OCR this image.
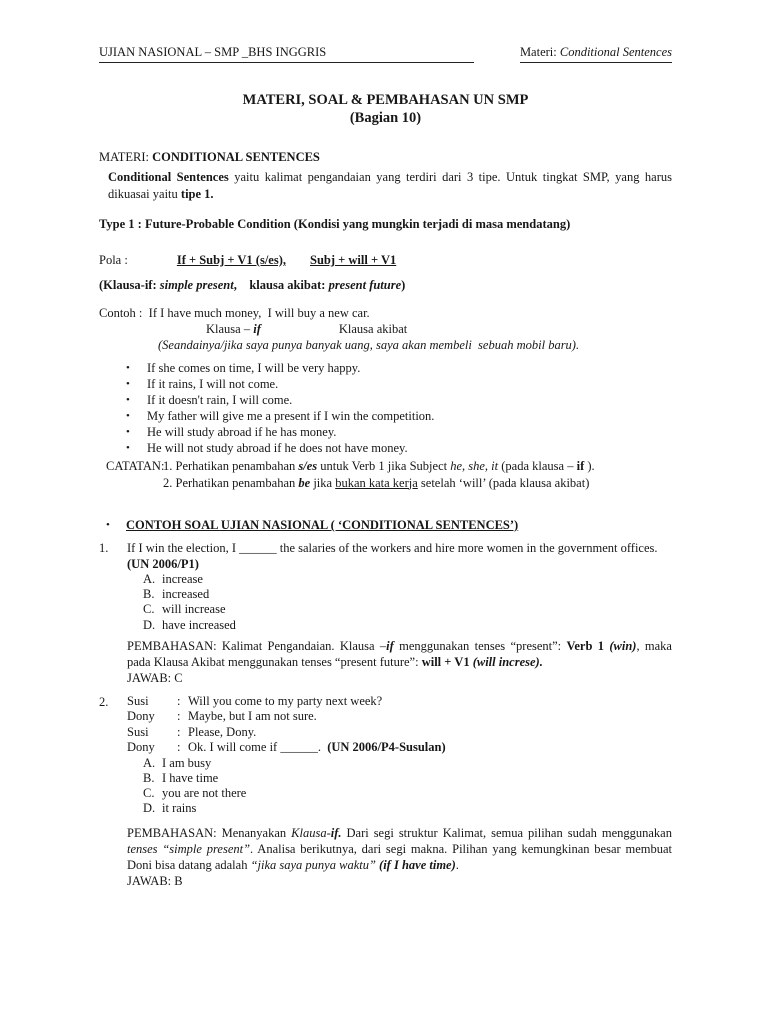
UJIAN NASIONAL – SMP _BHS INGGRIS	Materi: Conditional Sentences
MATERI, SOAL & PEMBAHASAN UN SMP
(Bagian 10)
MATERI: CONDITIONAL SENTENCES
Conditional Sentences yaitu kalimat pengandaian yang terdiri dari 3 tipe. Untuk tingkat SMP, yang harus dikuasai yaitu tipe 1.
Type 1 : Future-Probable Condition (Kondisi yang mungkin terjadi di masa mendatang)
Pola :	If + Subj + V1 (s/es), Subj + will + V1
(Klausa-if: simple present,    klausa akibat: present future)
Contoh : If I have much money,  I will buy a new car.
Klausa – if	Klausa akibat
(Seandainya/jika saya punya banyak uang, saya akan membeli  sebuah mobil baru).
•	If she comes on time, I will be very happy.
•	If it rains, I will not come.
•	If it doesn't rain, I will come.
•	My father will give me a present if I win the competition.
•	He will study abroad if he has money.
•	He will not study abroad if he does not have money.
CATATAN:
1. Perhatikan penambahan s/es untuk Verb 1 jika Subject he, she, it (pada klausa – if ).
2. Perhatikan penambahan be jika bukan kata kerja setelah ‘will’ (pada klausa akibat)
•	CONTOH SOAL UJIAN NASIONAL ( ‘CONDITIONAL SENTENCES’)
1.	If I win the election, I ______ the salaries of the workers and hire more women in the government offices.
(UN 2006/P1)
A. increase
B. increased
C. will increase
D. have increased
PEMBAHASAN: Kalimat Pengandaian. Klausa –if menggunakan tenses “present”: Verb 1 (win), maka pada Klausa Akibat menggunakan tenses “present future”: will + V1 (will increse).
JAWAB: C
2.	Susi	: Will you come to my party next week?
Dony	: Maybe, but I am not sure.
Susi	: Please, Dony.
Dony	: Ok. I will come if ______.  (UN 2006/P4-Susulan)
A. I am busy
B. I have time
C. you are not there
D. it rains
PEMBAHASAN: Menanyakan Klausa-if. Dari segi struktur Kalimat, semua pilihan sudah menggunakan tenses “simple present”. Analisa berikutnya, dari segi makna. Pilihan yang kemungkinan besar membuat Doni bisa datang adalah “jika saya punya waktu” (if I have time).
JAWAB: B
